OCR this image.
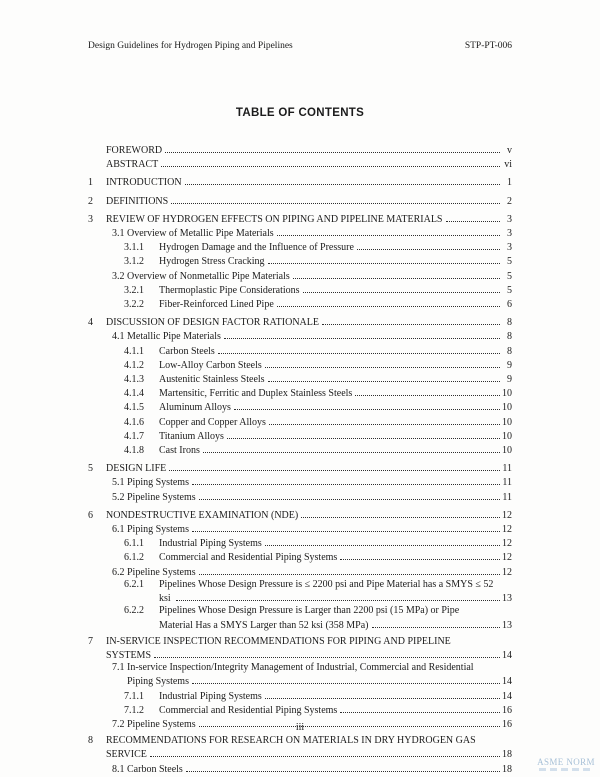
Design Guidelines for Hydrogen Piping and Pipelines	STP-PT-006
TABLE OF CONTENTS
FOREWORD	v
ABSTRACT	vi
1	INTRODUCTION	1
2	DEFINITIONS	2
3	REVIEW OF HYDROGEN EFFECTS ON PIPING AND PIPELINE MATERIALS	3
3.1 Overview of Metallic Pipe Materials	3
3.1.1	Hydrogen Damage and the Influence of Pressure	3
3.1.2	Hydrogen Stress Cracking	5
3.2 Overview of Nonmetallic Pipe Materials	5
3.2.1	Thermoplastic Pipe Considerations	5
3.2.2	Fiber-Reinforced Lined Pipe	6
4	DISCUSSION OF DESIGN FACTOR RATIONALE	8
4.1 Metallic Pipe Materials	8
4.1.1	Carbon Steels	8
4.1.2	Low-Alloy Carbon Steels	9
4.1.3	Austenitic Stainless Steels	9
4.1.4	Martensitic, Ferritic and Duplex Stainless Steels	10
4.1.5	Aluminum Alloys	10
4.1.6	Copper and Copper Alloys	10
4.1.7	Titanium Alloys	10
4.1.8	Cast Irons	10
5	DESIGN LIFE	11
5.1 Piping Systems	11
5.2 Pipeline Systems	11
6	NONDESTRUCTIVE EXAMINATION (NDE)	12
6.1 Piping Systems	12
6.1.1	Industrial Piping Systems	12
6.1.2	Commercial and Residential Piping Systems	12
6.2 Pipeline Systems	12
6.2.1	Pipelines Whose Design Pressure is ≤ 2200 psi and Pipe Material has a SMYS ≤ 52
ksi	13
6.2.2	Pipelines Whose Design Pressure is Larger than 2200 psi (15 MPa) or Pipe
Material Has a SMYS Larger than 52 ksi (358 MPa)	13
7	IN-SERVICE INSPECTION RECOMMENDATIONS FOR PIPING AND PIPELINE
SYSTEMS	14
7.1 In-service Inspection/Integrity Management of Industrial, Commercial and Residential
Piping Systems	14
7.1.1	Industrial Piping Systems	14
7.1.2	Commercial and Residential Piping Systems	16
7.2 Pipeline Systems	16
8	RECOMMENDATIONS FOR RESEARCH ON MATERIALS IN DRY HYDROGEN GAS
SERVICE	18
8.1 Carbon Steels	18
iii
ASME NORM
